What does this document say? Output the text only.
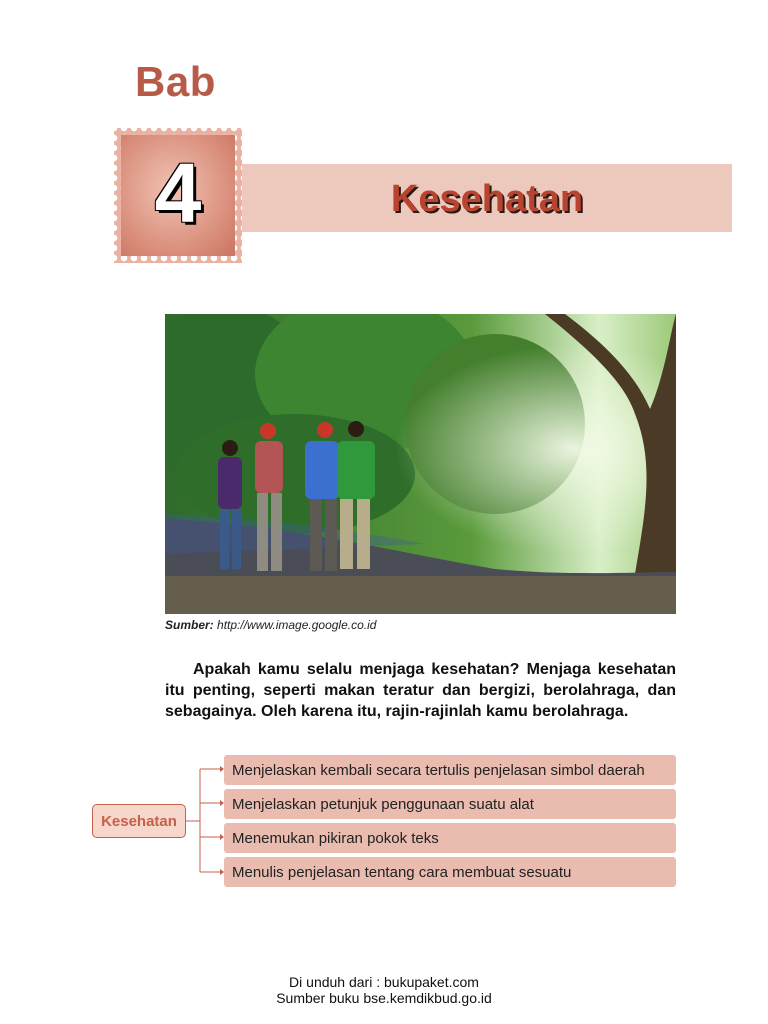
Bab
4	Kesehatan
Sumber: http://www.image.google.co.id
Apakah kamu selalu menjaga kesehatan? Menjaga kesehatan itu penting, seperti makan teratur dan bergizi, berolahraga, dan sebagainya. Oleh karena itu, rajin-rajinlah kamu berolahraga.
Kesehatan
Menjelaskan kembali secara tertulis penjelasan simbol daerah
Menjelaskan petunjuk penggunaan suatu alat
Menemukan pikiran pokok teks
Menulis penjelasan tentang cara membuat sesuatu
Di unduh dari : bukupaket.com
Sumber buku bse.kemdikbud.go.id
